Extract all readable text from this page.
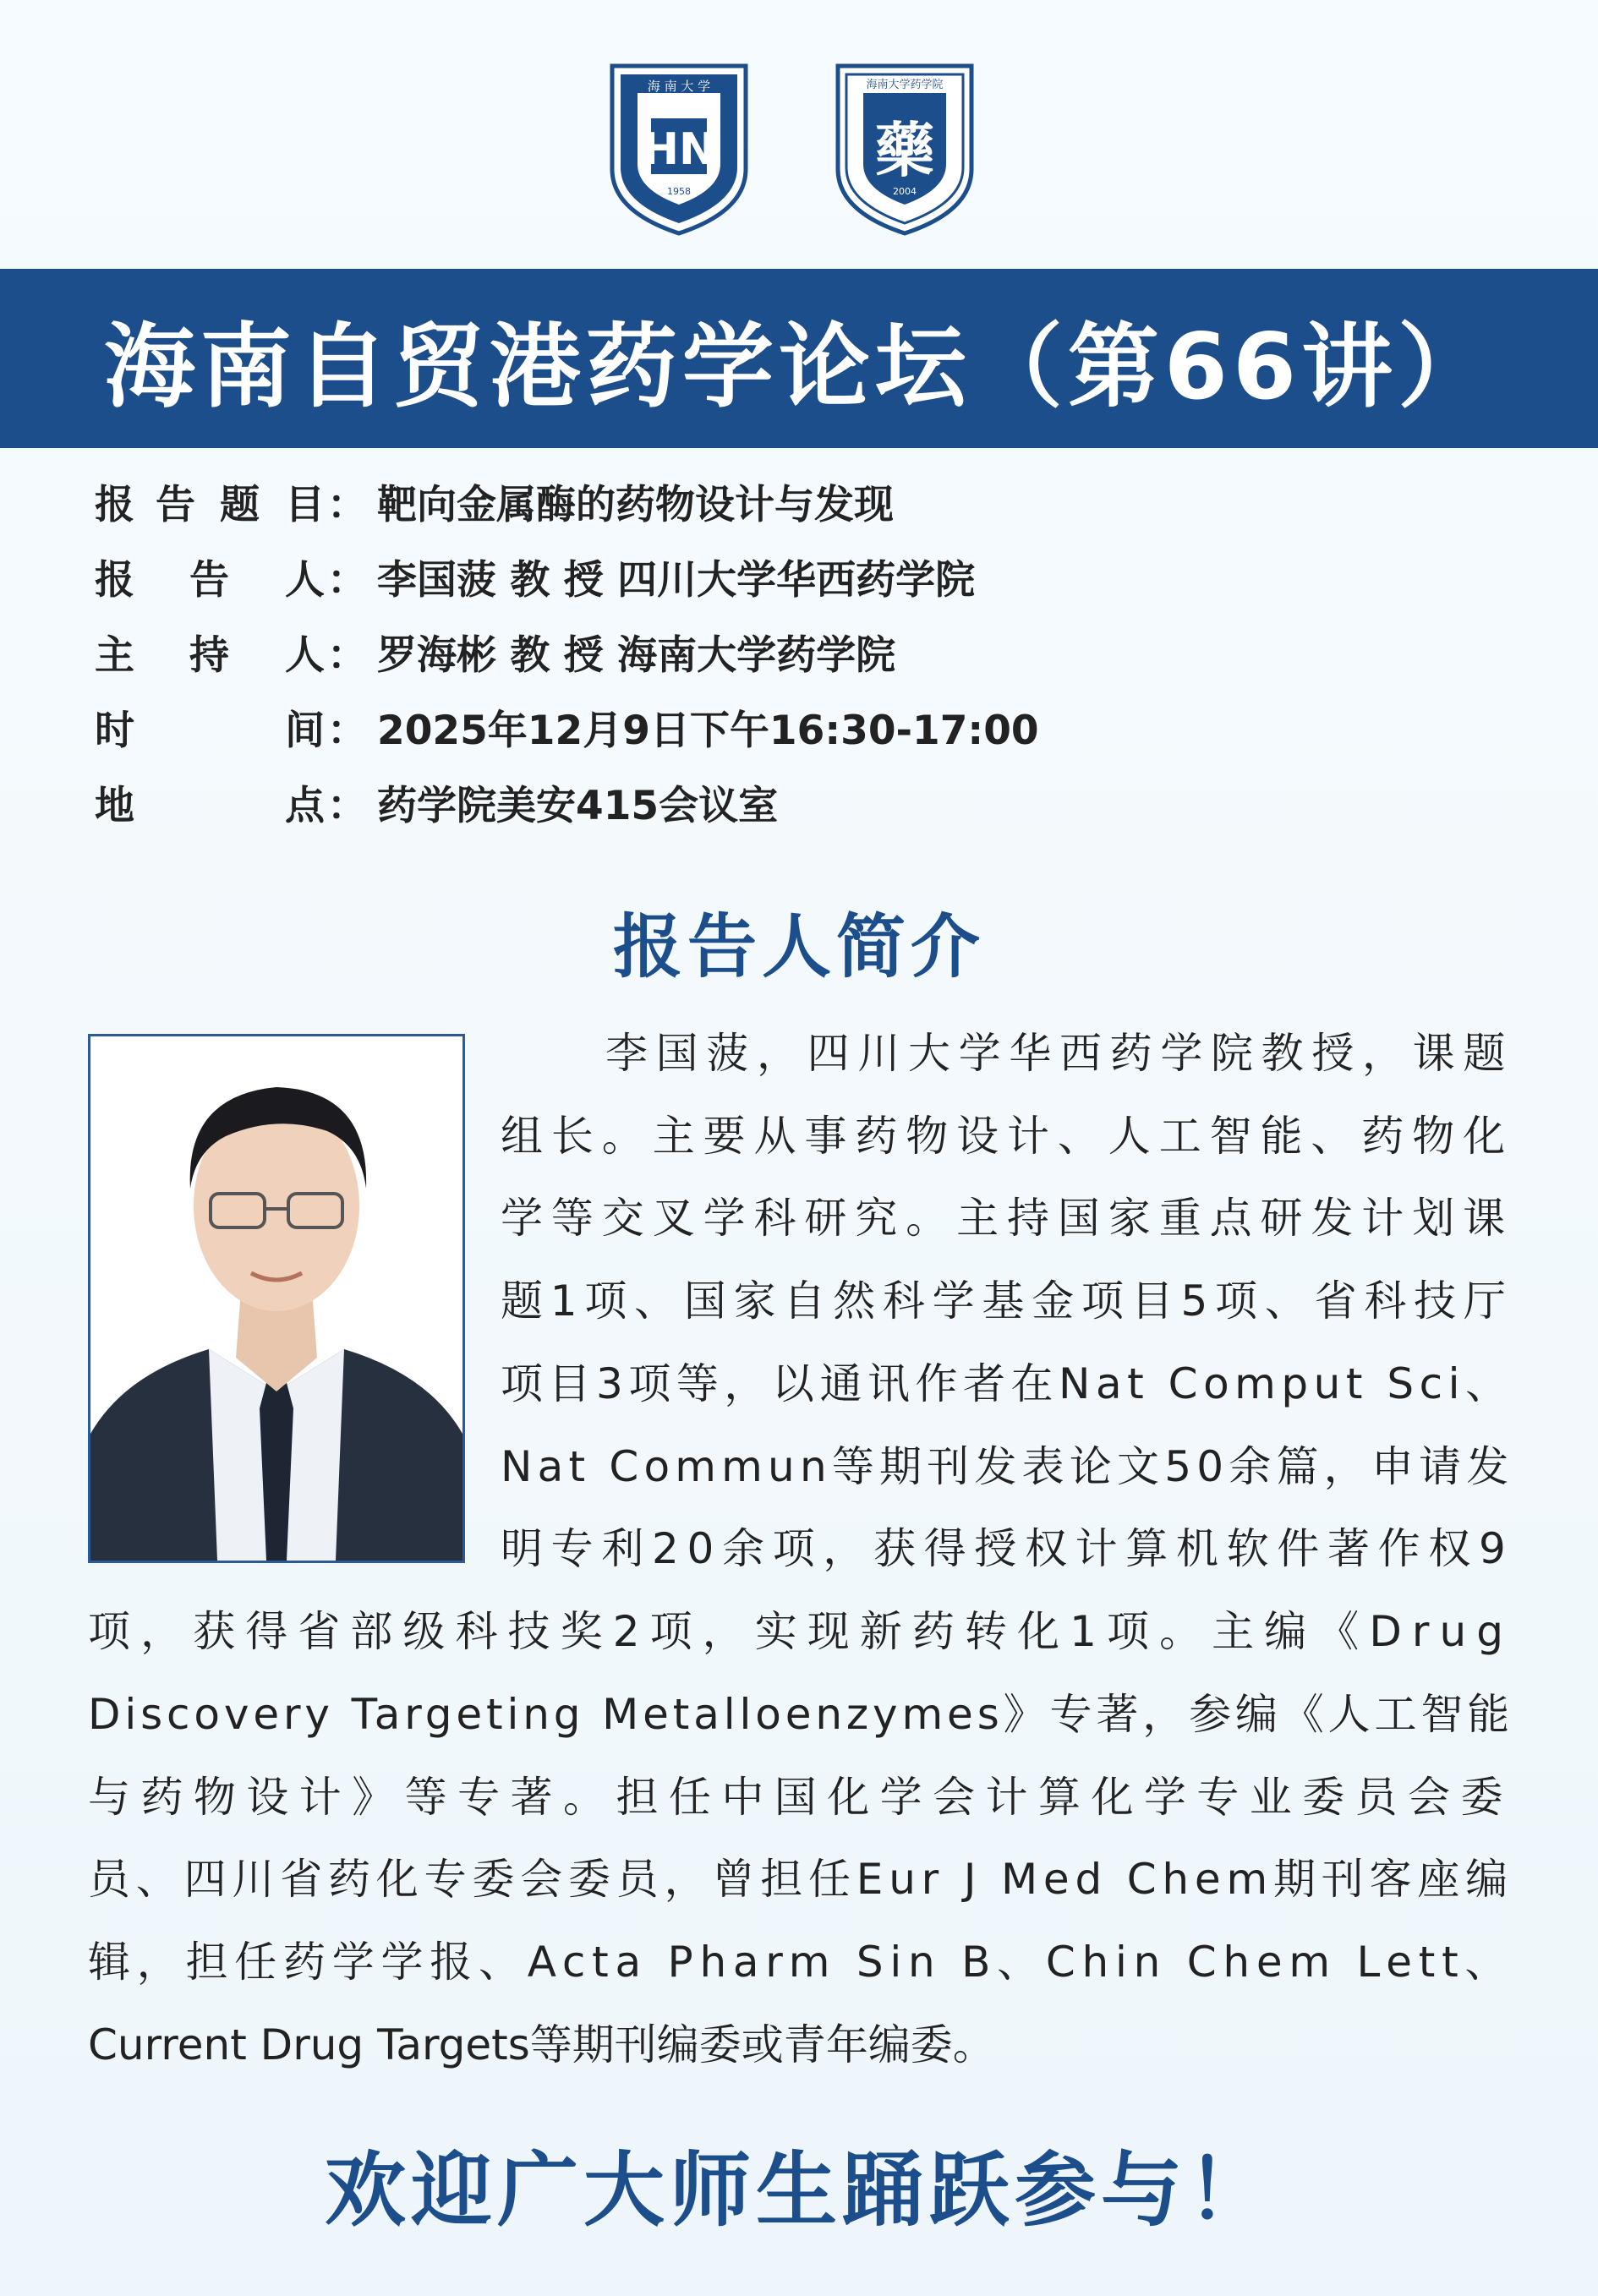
海 南 大 学
HN
1958
海南大学药学院
藥
2004
海南自贸港药学论坛（第66讲）
报 告 题 目 ： 靶向金属酶的药物设计与发现
报 告 人 ： 李国菠 教 授 四川大学华西药学院
主 持 人 ： 罗海彬 教 授 海南大学药学院
时	间 ： 2025年12月9日下午16:30-17:00
地	点 ： 药学院美安415会议室
报告人简介
李国菠，四川大学华西药学院教授，课题
组长。主要从事药物设计、人工智能、药物化
学等交叉学科研究。主持国家重点研发计划课
题1项、国家自然科学基金项目5项、省科技厅
项目3项等，以通讯作者在Nat Comput Sci、
Nat Commun等期刊发表论文50余篇，申请发
明专利20余项，获得授权计算机软件著作权9
项，获得省部级科技奖2项，实现新药转化1项。主编《Drug
Discovery Targeting Metalloenzymes》专著，参编《人工智能
与药物设计》等专著。担任中国化学会计算化学专业委员会委
员、四川省药化专委会委员，曾担任Eur J Med Chem期刊客座编
辑，担任药学学报、Acta Pharm Sin B、Chin Chem Lett、
Current Drug Targets等期刊编委或青年编委。
欢迎广大师生踊跃参与！
